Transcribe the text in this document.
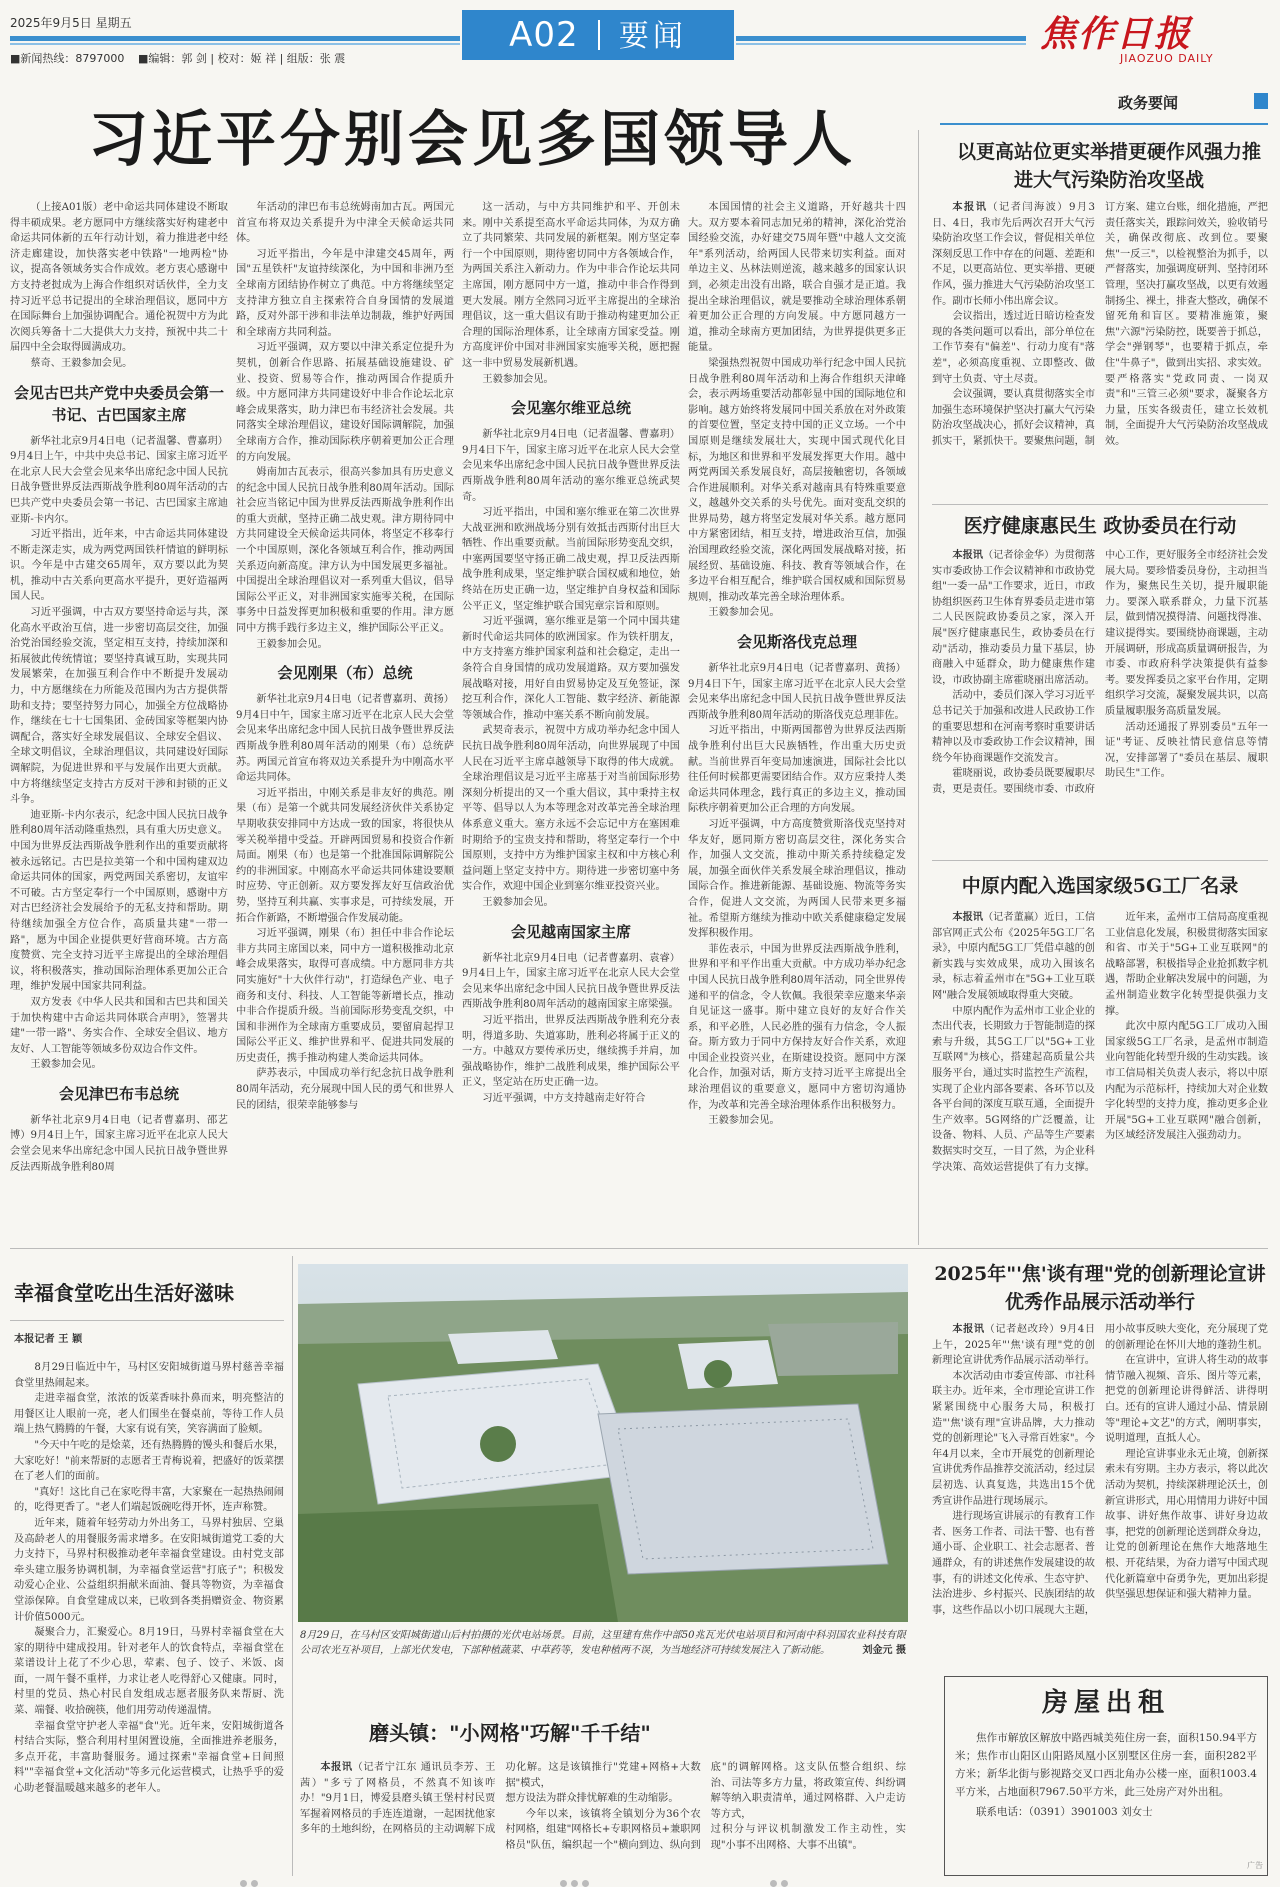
2025年9月5日 星期五
■新闻热线：8797000 ■编辑：郭 剑 | 校对：姬 祥 | 组版：张 震
A02 要闻	焦作日报
JIAOZUO DAILY
政务要闻
习近平分别会见多国领导人

（上接A01版）老中命运共同体建设不断取得丰硕成果。老方愿同中方继续落实好构建老中命运共同体新的五年行动计划，着力推进老中经济走廊建设，加快落实老中铁路"一地两检"协议，提高各领域务实合作成效。老方衷心感谢中方支持老挝成为上海合作组织对话伙伴，全力支持习近平总书记提出的全球治理倡议，愿同中方在国际舞台上加强协调配合。通伦祝贺中方为此次阅兵筹备十二大提供大力支持，预祝中共二十届四中全会取得圆满成功。

蔡奇、王毅参加会见。

会见古巴共产党中央委员会第一书记、古巴国家主席

新华社北京9月4日电（记者温馨、曹嘉玥）9月4日上午，中共中央总书记、国家主席习近平在北京人民大会堂会见来华出席纪念中国人民抗日战争暨世界反法西斯战争胜利80周年活动的古巴共产党中央委员会第一书记、古巴国家主席迪亚斯-卡内尔。

习近平指出，近年来，中古命运共同体建设不断走深走实，成为两党两国铁杆情谊的鲜明标识。今年是中古建交65周年，双方要以此为契机，推动中古关系向更高水平提升，更好造福两国人民。

习近平强调，中古双方要坚持命运与共，深化高水平政治互信，进一步密切高层交往，加强治党治国经验交流，坚定相互支持，持续加深和拓展彼此传统情谊；要坚持真诚互助，实现共同发展繁荣，在加强互利合作中不断提升发展动力，中方愿继续在力所能及范围内为古方提供帮助和支持；要坚持努力同心，加强全方位战略协作，继续在七十七国集团、金砖国家等框架内协调配合，落实好全球发展倡议、全球安全倡议、全球文明倡议，全球治理倡议，共同建设好国际调解院，为促进世界和平与发展作出更大贡献。中方将继续坚定支持古方反对干涉和封锁的正义斗争。

迪亚斯-卡内尔表示，纪念中国人民抗日战争胜利80周年活动隆重热烈，具有重大历史意义。中国为世界反法西斯战争胜利作出的重要贡献将被永远铭记。古巴是拉美第一个和中国构建双边命运共同体的国家，两党两国关系密切，友谊牢不可破。古方坚定奉行一个中国原则，感谢中方对古巴经济社会发展给予的无私支持和帮助。期待继续加强全方位合作，高质量共建"一带一路"，愿为中国企业提供更好营商环境。古方高度赞赏、完全支持习近平主席提出的全球治理倡议，将积极落实，推动国际治理体系更加公正合理，维护发展中国家共同利益。

双方发表《中华人民共和国和古巴共和国关于加快构建中古命运共同体联合声明》，签署共建"一带一路"、务实合作、全球安全倡议、地方友好、人工智能等领域多份双边合作文件。

王毅参加会见。

会见津巴布韦总统

新华社北京9月4日电（记者曹嘉玥、邵艺博）9月4日上午，国家主席习近平在北京人民大会堂会见来华出席纪念中国人民抗日战争暨世界反法西斯战争胜利80周

年活动的津巴布韦总统姆南加古瓦。两国元首宣布将双边关系提升为中津全天候命运共同体。

习近平指出，今年是中津建交45周年，两国"五星铁杆"友谊持续深化，为中国和非洲乃至全球南方团结协作树立了典范。中方将继续坚定支持津方独立自主探索符合自身国情的发展道路，反对外部干涉和非法单边制裁，维护好两国和全球南方共同利益。

习近平强调，双方要以中津关系定位提升为契机，创新合作思路、拓展基础设施建设、矿业、投资、贸易等合作，推动两国合作提质升级。中方愿同津方共同建设好中非合作论坛北京峰会成果落实，助力津巴布韦经济社会发展。共同落实全球治理倡议，建设好国际调解院，加强全球南方合作，推动国际秩序朝着更加公正合理的方向发展。

姆南加古瓦表示，很高兴参加具有历史意义的纪念中国人民抗日战争胜利80周年活动。国际社会应当铭记中国为世界反法西斯战争胜利作出的重大贡献，坚持正确二战史观。津方期待同中方共同建设全天候命运共同体，将坚定不移奉行一个中国原则，深化各领域互利合作，推动两国关系迈向新高度。津方认为中国发展更多福祉。中国提出全球治理倡议对一系列重大倡议，倡导国际公平正义，对非洲国家实施零关税，在国际事务中日益发挥更加积极和重要的作用。津方愿同中方携手践行多边主义，维护国际公平正义。

王毅参加会见。

会见刚果（布）总统

新华社北京9月4日电（记者曹嘉玥、黄扬）9月4日中午，国家主席习近平在北京人民大会堂会见来华出席纪念中国人民抗日战争暨世界反法西斯战争胜利80周年活动的刚果（布）总统萨苏。两国元首宣布将双边关系提升为中刚高水平命运共同体。

习近平指出，中刚关系是非友好的典范。刚果（布）是第一个就共同发展经济伙伴关系协定早期收获安排同中方达成一致的国家，将很快从零关税举措中受益。开辟两国贸易和投资合作新局面。刚果（布）也是第一个批准国际调解院公约的非洲国家。中刚高水平命运共同体建设要顺时应势、守正创新。双方要发挥友好互信政治优势，坚持互利共赢、实事求是，可持续发展，开拓合作新路，不断增强合作发展动能。

习近平强调，刚果（布）担任中非合作论坛非方共同主席国以来，同中方一道积极推动北京峰会成果落实，取得可喜成绩。中方愿同非方共同实施好"十大伙伴行动"，打造绿色产业、电子商务和支付、科技、人工智能等新增长点，推动中非合作提质升级。当前国际形势变乱交织，中国和非洲作为全球南方重要成员，要留肩起捍卫国际公平正义、维护世界和平、促进共同发展的历史责任，携手推动构建人类命运共同体。

萨苏表示，中国成功举行纪念抗日战争胜利80周年活动，充分展现中国人民的勇气和世界人民的团结，很荣幸能够参与

这一活动，与中方共同维护和平、开创未来。刚中关系提至高水平命运共同体，为双方确立了共同繁荣、共同发展的新框架。刚方坚定奉行一个中国原则，期待密切同中方各领域合作，为两国关系注入新动力。作为中非合作论坛共同主席国，刚方愿同中方一道，推动中非合作得到更大发展。刚方全然同习近平主席提出的全球治理倡议，这一重大倡议有助于推动构建更加公正合理的国际治理体系，让全球南方国家受益。刚方高度评价中国对非洲国家实施零关税，愿把握这一非中贸易发展新机遇。

王毅参加会见。

会见塞尔维亚总统

新华社北京9月4日电（记者温馨、曹嘉玥）9月4日下午，国家主席习近平在北京人民大会堂会见来华出席纪念中国人民抗日战争暨世界反法西斯战争胜利80周年活动的塞尔维亚总统武契奇。

习近平指出，中国和塞尔维亚在第二次世界大战亚洲和欧洲战场分别有效抵击西斯付出巨大牺牲、作出重要贡献。当前国际形势变乱交织，中塞两国要坚守扬正确二战史观，捍卫反法西斯战争胜利成果，坚定维护联合国权威和地位，始终站在历史正确一边，坚定维护自身权益和国际公平正义，坚定维护联合国宪章宗旨和原则。

习近平强调，塞尔维亚是第一个同中国共建新时代命运共同体的欧洲国家。作为铁杆朋友，中方支持塞方维护国家利益和社会稳定，走出一条符合自身国情的成功发展道路。双方要加强发展战略对接，用好自由贸易协定及互免签证，深挖互利合作，深化人工智能、数字经济、新能源等领域合作，推动中塞关系不断向前发展。

武契奇表示，祝贺中方成功举办纪念中国人民抗日战争胜利80周年活动，向世界展现了中国人民在习近平主席卓越领导下取得的伟大成就。全球治理倡议是习近平主席基于对当前国际形势深刻分析提出的又一个重大倡议，其中秉持主权平等、倡导以人为本等理念对改革完善全球治理体系意义重大。塞方永远不会忘记中方在塞困难时期给予的宝贵支持和帮助，将坚定奉行一个中国原则，支持中方为维护国家主权和中方核心利益问题上坚定支持中方。期待进一步密切塞中务实合作，欢迎中国企业到塞尔维亚投资兴业。

王毅参加会见。

会见越南国家主席

新华社北京9月4日电（记者曹嘉玥、袁睿）9月4日上午，国家主席习近平在北京人民大会堂会见来华出席纪念中国人民抗日战争暨世界反法西斯战争胜利80周年活动的越南国家主席梁强。

习近平指出，世界反法西斯战争胜利充分表明，得道多助、失道寡助，胜利必将属于正义的一方。中越双方要传承历史，继续携手并肩，加强战略协作，维护二战胜利成果，维护国际公平正义，坚定站在历史正确一边。

习近平强调，中方支持越南走好符合

本国国情的社会主义道路，开好越共十四大。双方要本着同志加兄弟的精神，深化治党治国经验交流，办好建交75周年暨"中越人文交流年"系列活动，给两国人民带来切实利益。面对单边主义、丛林法则逆流，越来越多的国家认识到，必须走出没有出路，联合自强才是正道。我提出全球治理倡议，就是要推动全球治理体系朝着更加公正合理的方向发展。中方愿同越方一道，推动全球南方更加团结，为世界提供更多正能量。

梁强热烈祝贺中国成功举行纪念中国人民抗日战争胜利80周年活动和上海合作组织天津峰会，表示两场重要活动都彰显中国的国际地位和影响。越方始终将发展同中国关系放在对外政策的首要位置，坚定支持中国的正义立场。一个中国原则是继续发展壮大，实现中国式现代化目标，为地区和世界和平发展发挥更大作用。越中两党两国关系发展良好，高层接触密切，各领域合作进展顺利。对华关系对越南具有特殊重要意义，越越外交关系的头号优先。面对变乱交织的世界局势，越方将坚定发展对华关系。越方愿同中方紧密团结，相互支持，增进政治互信，加强治国理政经验交流，深化两国发展战略对接，拓展经贸、基础设施、科技、教育等领域合作，在多边平台相互配合，维护联合国权威和国际贸易规则，推动改革完善全球治理体系。

王毅参加会见。

会见斯洛伐克总理

新华社北京9月4日电（记者曹嘉玥、黄扬）9月4日下午，国家主席习近平在北京人民大会堂会见来华出席纪念中国人民抗日战争暨世界反法西斯战争胜利80周年活动的斯洛伐克总理菲佐。

习近平指出，中斯两国都曾为世界反法西斯战争胜利付出巨大民族牺牲，作出重大历史贡献。当前世界百年变局加速演进，国际社会比以往任何时候都更需要团结合作。双方应秉持人类命运共同体理念，践行真正的多边主义，推动国际秩序朝着更加公正合理的方向发展。

习近平强调，中方高度赞赏斯洛伐克坚持对华友好，愿同斯方密切高层交往，深化务实合作，加强人文交流，推动中斯关系持续稳定发展，加强全面伙伴关系发展全球治理倡议，推动国际合作。推进新能源、基础设施、物流等务实合作，促进人文交流，为两国人民带来更多福祉。希望斯方继续为推动中欧关系健康稳定发展发挥积极作用。

菲佐表示，中国为世界反法西斯战争胜利，世界和平和平作出重大贡献。中方成功举办纪念中国人民抗日战争胜利80周年活动，同全世界传递和平的信念，令人钦佩。我很荣幸应邀来华亲自见证这一盛事。斯中建立良好的友好合作关系，和平必胜，人民必胜的强有力信念，令人振奋。斯方致力于同中方保持友好合作关系，欢迎中国企业投资兴业，在斯建设投资。愿同中方深化合作，加强对话，斯方支持习近平主席提出全球治理倡议的重要意义，愿同中方密切沟通协作，为改革和完善全球治理体系作出积极努力。

王毅参加会见。

以更高站位更实举措更硬作风强力推进大气污染防治攻坚战

本报讯（记者闫海波）9月3日、4日，我市先后两次召开大气污染防治攻坚工作会议，督促相关单位深刻反思工作中存在的问题、差距和不足，以更高站位、更实举措、更硬作风，强力推进大气污染防治攻坚工作。副市长师小伟出席会议。

会议指出，透过近日暗访检查发现的各类问题可以看出，部分单位在工作节奏有"偏差"、行动力度有"落差"，必须高度重视、立即整改、做到守土负责、守土尽责。

会议强调，要认真贯彻落实全市加强生态环境保护坚决打赢大气污染防治攻坚战决心，抓好会议精神，真抓实干，紧抓快干。要聚焦问题，制订方案、建立台账，细化措施，严把责任落实关，跟踪问效关，验收销号关，确保改彻底、改到位。要聚焦"一反三"，以检视整治为抓手，以严督落实，加强调度研判、坚持闭环管理，坚决打赢攻坚战，以更有效遏制扬尘、裸土，排查大整改，确保不留死角和盲区。要精准施策，聚焦"六源"污染防控，既要善于抓总，学会"弹钢琴"，也要精于抓点，牵住"牛鼻子"，做到出实招、求实效。要严格落实"党政同责、一岗双责"和"三管三必须"要求，凝聚各方力量，压实各级责任，建立长效机制，全面提升大气污染防治攻坚战成效。

医疗健康惠民生 政协委员在行动

本报讯（记者徐金华）为贯彻落实市委政协工作会议精神和市政协党组"一委一品"工作要求，近日，市政协组织医药卫生体育界委员走进市第二人民医院政协委员之家，深入开展"医疗健康惠民生，政协委员在行动"活动，推动委员力量下基层，协商融入中延群众，助力健康焦作建设，市政协副主席霍晓丽出席活动。

活动中，委员们深入学习习近平总书记关于加强和改进人民政协工作的重要思想和在河南考察时重要讲话精神以及市委政协工作会议精神，围绕今年协商课题作交流发言。

霍晓丽说，政协委员既要履职尽责，更是责任。要围绕市委、市政府中心工作，更好服务全市经济社会发展大局。要珍惜委员身份，主动担当作为，聚焦民生关切，提升履职能力。要深入联系群众，力量下沉基层，做到情况摸得清、问题找得准、建议提得实。要围绕协商课题，主动开展调研，形成高质量调研报告，为市委、市政府科学决策提供有益参考。要发挥委员之家平台作用，定期组织学习交流，凝聚发展共识，以高质量履职服务高质量发展。

活动还通报了界别委员"五年一证"考证、反映社情民意信息等情况，安排部署了"委员在基层、履职助民生"工作。

中原内配入选国家级5G工厂名录

本报讯（记者董赢）近日，工信部官网正式公布《2025年5G工厂名录》，中原内配5G工厂凭借卓越的创新实践与实效成果，成功入围该名录，标志着孟州市在"5G+工业互联网"融合发展领域取得重大突破。

中原内配作为孟州市工业企业的杰出代表，长期致力于智能制造的探索与升级，其5G工厂以"5G+工业互联网"为核心，搭建起高质量公共服务平台，通过实时监控生产流程，实现了企业内部各要素、各环节以及各平台间的深度互联互通，全面提升生产效率。5G网络的广泛覆盖，让设备、物料、人员、产品等生产要素数据实时交互，一目了然，为企业科学决策、高效运营提供了有力支撑。

近年来，孟州市工信局高度重视工业信息化发展，积极贯彻落实国家和省、市关于"5G+工业互联网"的战略部署，积极指导企业抢抓数字机遇，帮助企业解决发展中的问题，为孟州制造业数字化转型提供强力支撑。

此次中原内配5G工厂成功入围国家级5G工厂名录，是孟州市制造业向智能化转型升级的生动实践。该市工信局相关负责人表示，将以中原内配为示范标杆，持续加大对企业数字化转型的支持力度，推动更多企业开展"5G+工业互联网"融合创新，为区域经济发展注入强劲动力。

2025年"'焦'谈有理"党的创新理论宣讲优秀作品展示活动举行

本报讯（记者赵改玲）9月4日上午，2025年"'焦'谈有理"党的创新理论宣讲优秀作品展示活动举行。

本次活动由市委宣传部、市社科联主办。近年来，全市理论宣讲工作紧紧围绕中心服务大局，积极打造"'焦'谈有理"宣讲品牌，大力推动党的创新理论"飞入寻常百姓家"。今年4月以来，全市开展党的创新理论宣讲优秀作品推荐交流活动，经过层层初选、认真复选，共选出15个优秀宣讲作品进行现场展示。

进行现场宣讲展示的有教育工作者、医务工作者、司法干警、也有普通小哥、企业职工、社会志愿者、普通群众，有的讲述焦作发展建设的故事，有的讲述文化传承、生态守护、法治进步、乡村振兴、民族团结的故事，这些作品以小切口展现大主题，用小故事反映大变化，充分展现了党的创新理论在怀川大地的蓬勃生机。

在宣讲中，宣讲人将生动的故事情节融入视频、音乐、图片等元素，把党的创新理论讲得鲜活、讲得明白。还有的宣讲人通过小品、情景剧等"理论+文艺"的方式，阐明事实，说明道理，直抵人心。

理论宣讲事业永无止境，创新探索未有穷期。主办方表示，将以此次活动为契机，持续深耕理论沃土，创新宣讲形式，用心用情用力讲好中国故事、讲好焦作故事、讲好身边故事，把党的创新理论送到群众身边，让党的创新理论在焦作大地落地生根、开花结果，为奋力谱写中国式现代化新篇章中奋勇争先，更加出彩提供坚强思想保证和强大精神力量。

房屋出租
焦作市解放区解放中路西城美苑住房一套，面积150.94平方米；焦作市山阳区山阳路凤凰小区别墅区住房一套，面积282平方米；新华北街与影视路交叉口西北角办公楼一座，面积1003.4平方米，占地面积7967.50平方米，此三处房产对外出租。
联系电话：（0391）3901003 刘女士
广告
幸福食堂吃出生活好滋味
本报记者 王 颖

8月29日临近中午，马村区安阳城街道马界村慈善幸福食堂里热闹起来。

走进幸福食堂，浓浓的饭菜香味扑鼻而来，明亮整洁的用餐区让人眼前一亮，老人们围坐在餐桌前，等待工作人员端上热气腾腾的午餐，大家有说有笑，笑容满面了脸颊。

"今天中午吃的是烩菜，还有热腾腾的馒头和餐后水果，大家吃好！"前来帮厨的志愿者王青梅说着，把盛好的饭菜摆在了老人们的面前。

"真好！这比自己在家吃得丰富，大家聚在一起热热闹闹的，吃得更香了。"老人们端起饭碗吃得开怀，连声称赞。

近年来，随着年轻劳动力外出务工，马界村独居、空巢及高龄老人的用餐服务需求增多。在安阳城街道党工委的大力支持下，马界村积极推动老年幸福食堂建设。由村党支部牵头建立服务协调机制，为幸福食堂运营"打底子"；积极发动爱心企业、公益组织捐献米面油、餐具等物资，为幸福食堂添保障。自食堂建成以来，已收到各类捐赠资金、物资累计价值5000元。

凝聚合力，汇聚爱心。8月19日，马界村幸福食堂在大家的期待中建成投用。针对老年人的饮食特点，幸福食堂在菜谱设计上花了不少心思，荤素、包子、饺子、米饭、卤面，一周午餐不重样，力求让老人吃得舒心又健康。同时，村里的党员、热心村民自发组成志愿者服务队来帮厨、洗菜、端餐、收拾碗筷，他们用劳动传递温情。

幸福食堂守护老人幸福"食"光。近年来，安阳城街道各村结合实际，整合利用村里闲置设施，全面推进养老服务，多点开花，丰富助餐服务。通过探索"幸福食堂+日间照料""幸福食堂+文化活动"等多元化运营模式，让热乎乎的爱心助老餐温暖越来越多的老年人。

8月29日，在马村区安阳城街道山后村拍摄的光伏电站场景。目前，这里建有焦作中部50兆瓦光伏电站项目和河南中科羽国农业科技有限公司农光互补项目，上部光伏发电，下部种植蔬菜、中草药等，发电种植两不误，为当地经济可持续发展注入了新动能。	刘金元 摄
磨头镇："小网格"巧解"千千结"

本报讯（记者宁江东 通讯员李芳、王茜）"多亏了网格员，不然真不知该咋办！"9月1日，博爱县磨头镇王堡村村民贾军握着网格员的手连连道谢，一起困扰他家多年的土地纠纷，在网格员的主动调解下成功化解。这是该镇推行"党建+网格+大数据"模式，

想方设法为群众排忧解难的生动缩影。

今年以来，该镇将全镇划分为36个农村网格，组建"网格长+专职网格员+兼职网格员"队伍，编织起一个"横向到边、纵向到底"的调解网格。这支队伍整合组织、综治、司法等多方力量，将政策宣传、纠纷调解等纳入职责清单，通过网格群、入户走访等方式，

过积分与评议机制激发工作主动性，实现"小事不出网格、大事不出镇"。
